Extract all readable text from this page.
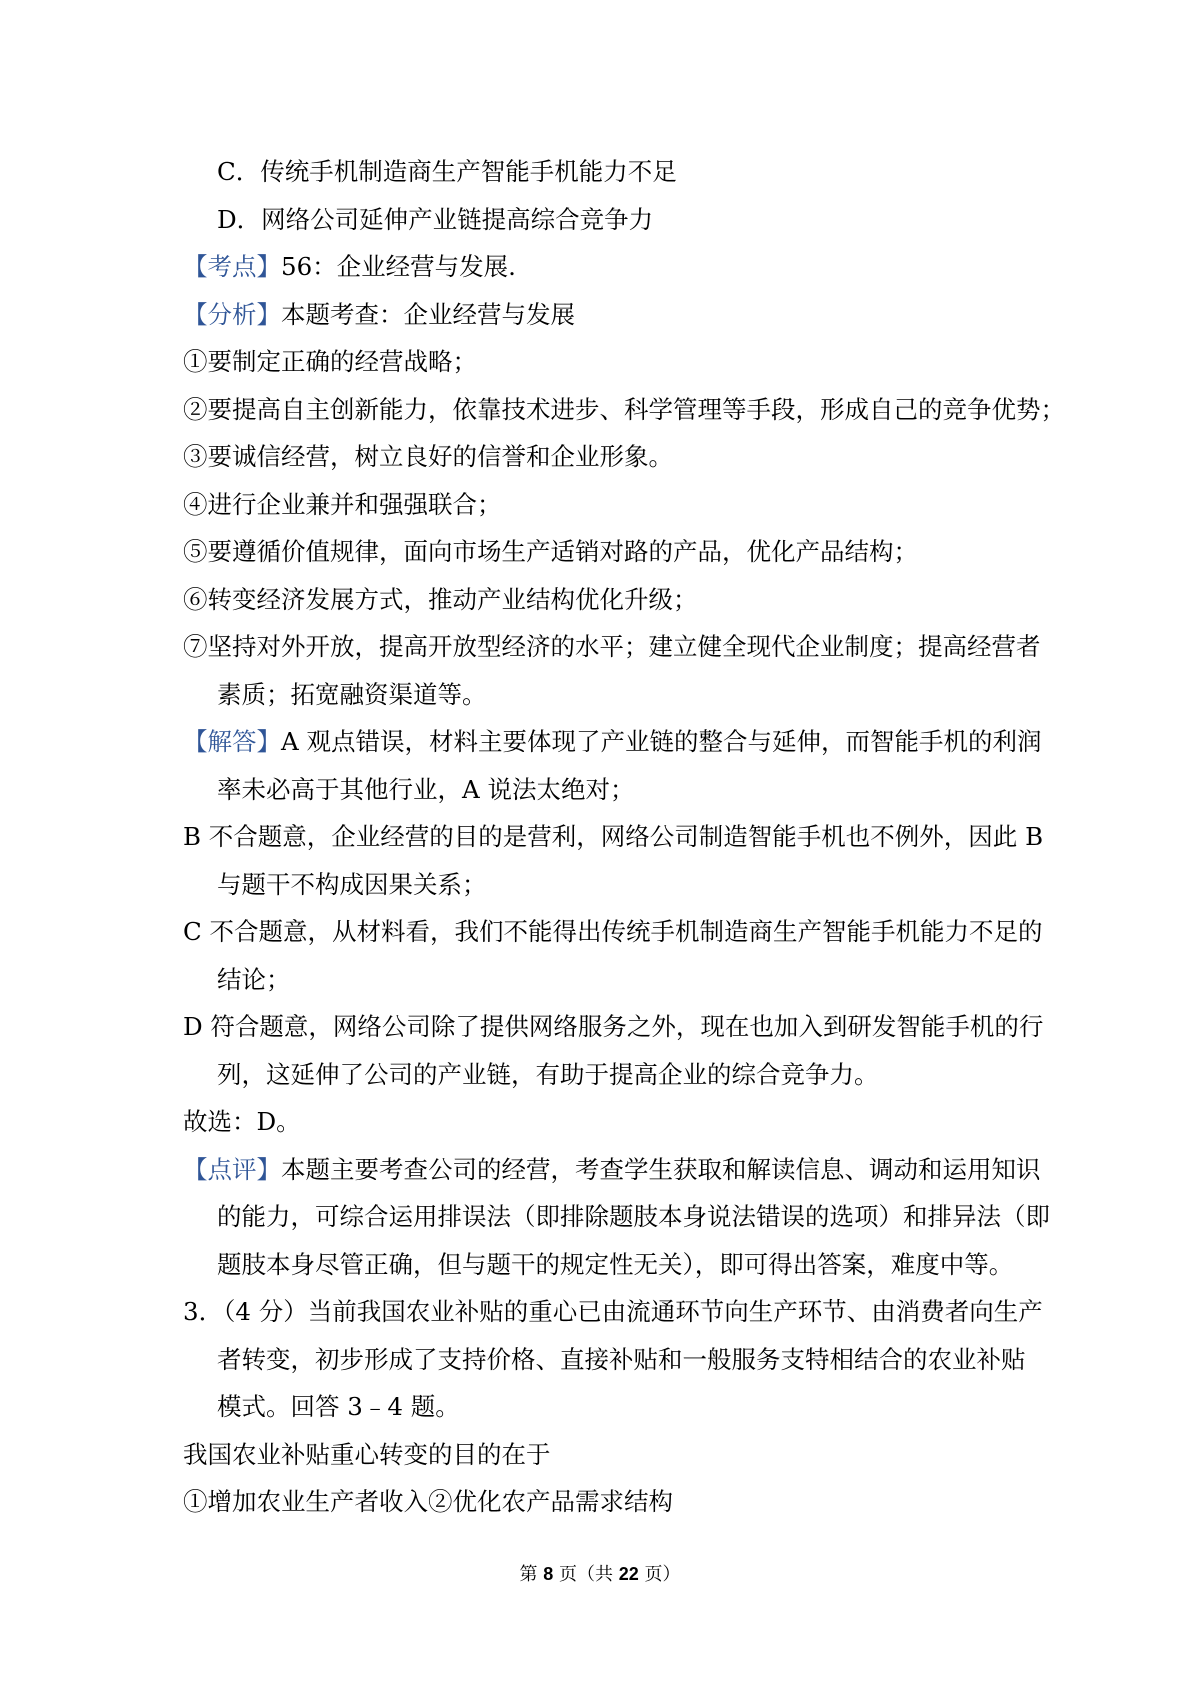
C．传统手机制造商生产智能手机能力不足
D．网络公司延伸产业链提高综合竞争力
【考点】56：企业经营与发展.
【分析】本题考查：企业经营与发展
①要制定正确的经营战略；
②要提高自主创新能力，依靠技术进步、科学管理等手段，形成自己的竞争优势；
③要诚信经营，树立良好的信誉和企业形象。
④进行企业兼并和强强联合；
⑤要遵循价值规律，面向市场生产适销对路的产品，优化产品结构；
⑥转变经济发展方式，推动产业结构优化升级；
⑦坚持对外开放，提高开放型经济的水平；建立健全现代企业制度；提高经营者
素质；拓宽融资渠道等。
【解答】A 观点错误，材料主要体现了产业链的整合与延伸，而智能手机的利润
率未必高于其他行业，A 说法太绝对；
B 不合题意，企业经营的目的是营利，网络公司制造智能手机也不例外，因此 B
与题干不构成因果关系；
C 不合题意，从材料看，我们不能得出传统手机制造商生产智能手机能力不足的
结论；
D 符合题意，网络公司除了提供网络服务之外，现在也加入到研发智能手机的行
列，这延伸了公司的产业链，有助于提高企业的综合竞争力。
故选：D。
【点评】本题主要考查公司的经营，考查学生获取和解读信息、调动和运用知识
的能力，可综合运用排误法（即排除题肢本身说法错误的选项）和排异法（即
题肢本身尽管正确，但与题干的规定性无关），即可得出答案，难度中等。
3．（4 分）当前我国农业补贴的重心已由流通环节向生产环节、由消费者向生产
者转变，初步形成了支持价格、直接补贴和一般服务支特相结合的农业补贴
模式。回答 3﹣4 题。
我国农业补贴重心转变的目的在于
①增加农业生产者收入②优化农产品需求结构
第 8 页（共 22 页）
